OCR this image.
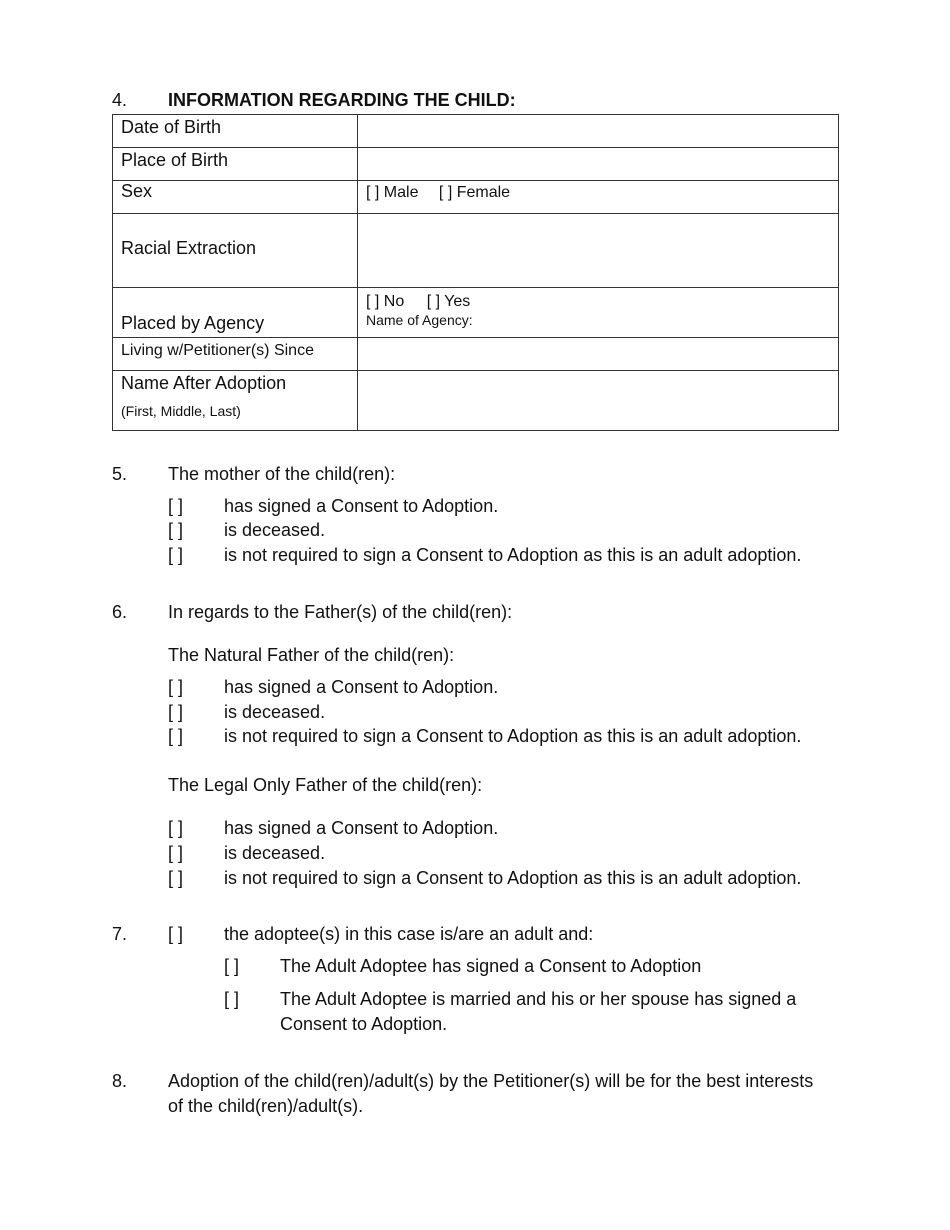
4. INFORMATION REGARDING THE CHILD:
Date of Birth	
Place of Birth	
Sex	[ ] Male [ ] Female
Racial Extraction	
Placed by Agency	[ ] No [ ] Yes
Name of Agency:

Living w/Petitioner(s) Since	

Name After Adoption
(First, Middle, Last)	

5. The mother of the child(ren):
[ ] has signed a Consent to Adoption.
[ ] is deceased.
[ ] is not required to sign a Consent to Adoption as this is an adult adoption.
6. In regards to the Father(s) of the child(ren):
The Natural Father of the child(ren):
[ ] has signed a Consent to Adoption.
[ ] is deceased.
[ ] is not required to sign a Consent to Adoption as this is an adult adoption.
The Legal Only Father of the child(ren):
[ ] has signed a Consent to Adoption.
[ ] is deceased.
[ ] is not required to sign a Consent to Adoption as this is an adult adoption.
7. [ ] the adoptee(s) in this case is/are an adult and:
[ ] The Adult Adoptee has signed a Consent to Adoption
[ ] The Adult Adoptee is married and his or her spouse has signed a
Consent to Adoption.
8. Adoption of the child(ren)/adult(s) by the Petitioner(s) will be for the best interests
of the child(ren)/adult(s).
